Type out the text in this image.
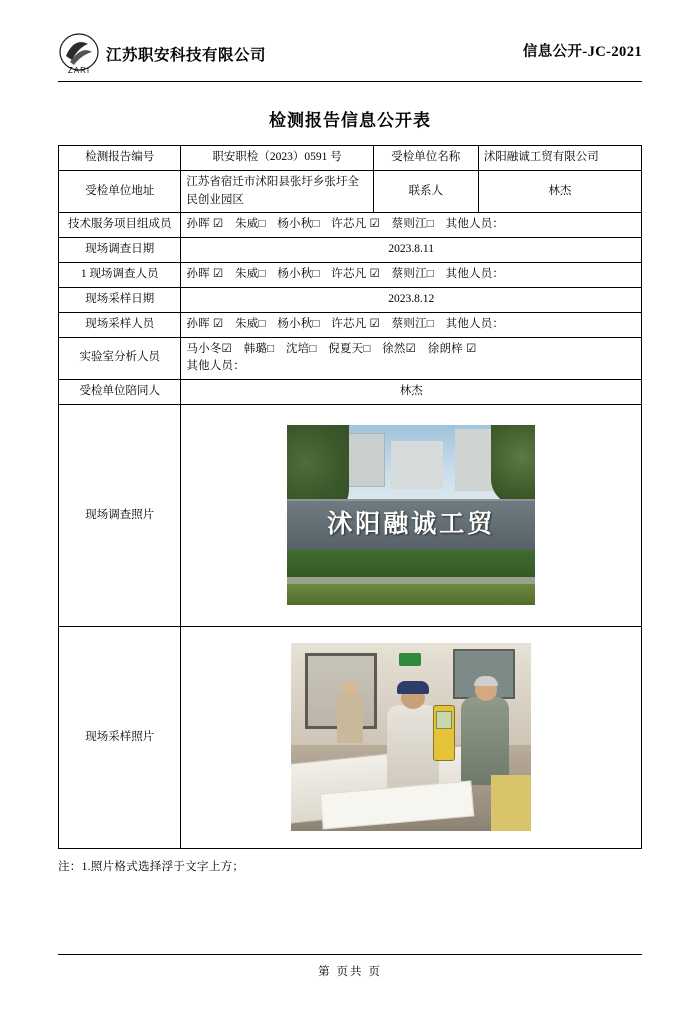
ZARI
江苏职安科技有限公司	信息公开-JC-2021
检测报告信息公开表
检测报告编号	职安职检（2023）0591 号	受检单位名称	沭阳融诚工贸有限公司
受检单位地址	江苏省宿迁市沭阳县张圩乡张圩全民创业园区	联系人	林杰
技术服务项目组成员	孙晖 ☑　朱威□　杨小秋□　许芯凡 ☑　蔡则江□　其他人员：		
现场调查日期	2023.8.11		
1 现场调查人员	孙晖 ☑　朱威□　杨小秋□　许芯凡 ☑　蔡则江□　其他人员：		
现场采样日期	2023.8.12		
现场采样人员	孙晖 ☑　朱威□　杨小秋□　许芯凡 ☑　蔡则江□　其他人员：		
实验室分析人员	马小冬☑　韩璐□　沈培□　倪夏天□　徐然☑　徐朗梓 ☑
其他人员：		

受检单位陪同人	林杰		
现场调查照片	沭阳融诚工贸		

现场采样照片			
注：1.照片格式选择浮于文字上方；
第 页共 页
